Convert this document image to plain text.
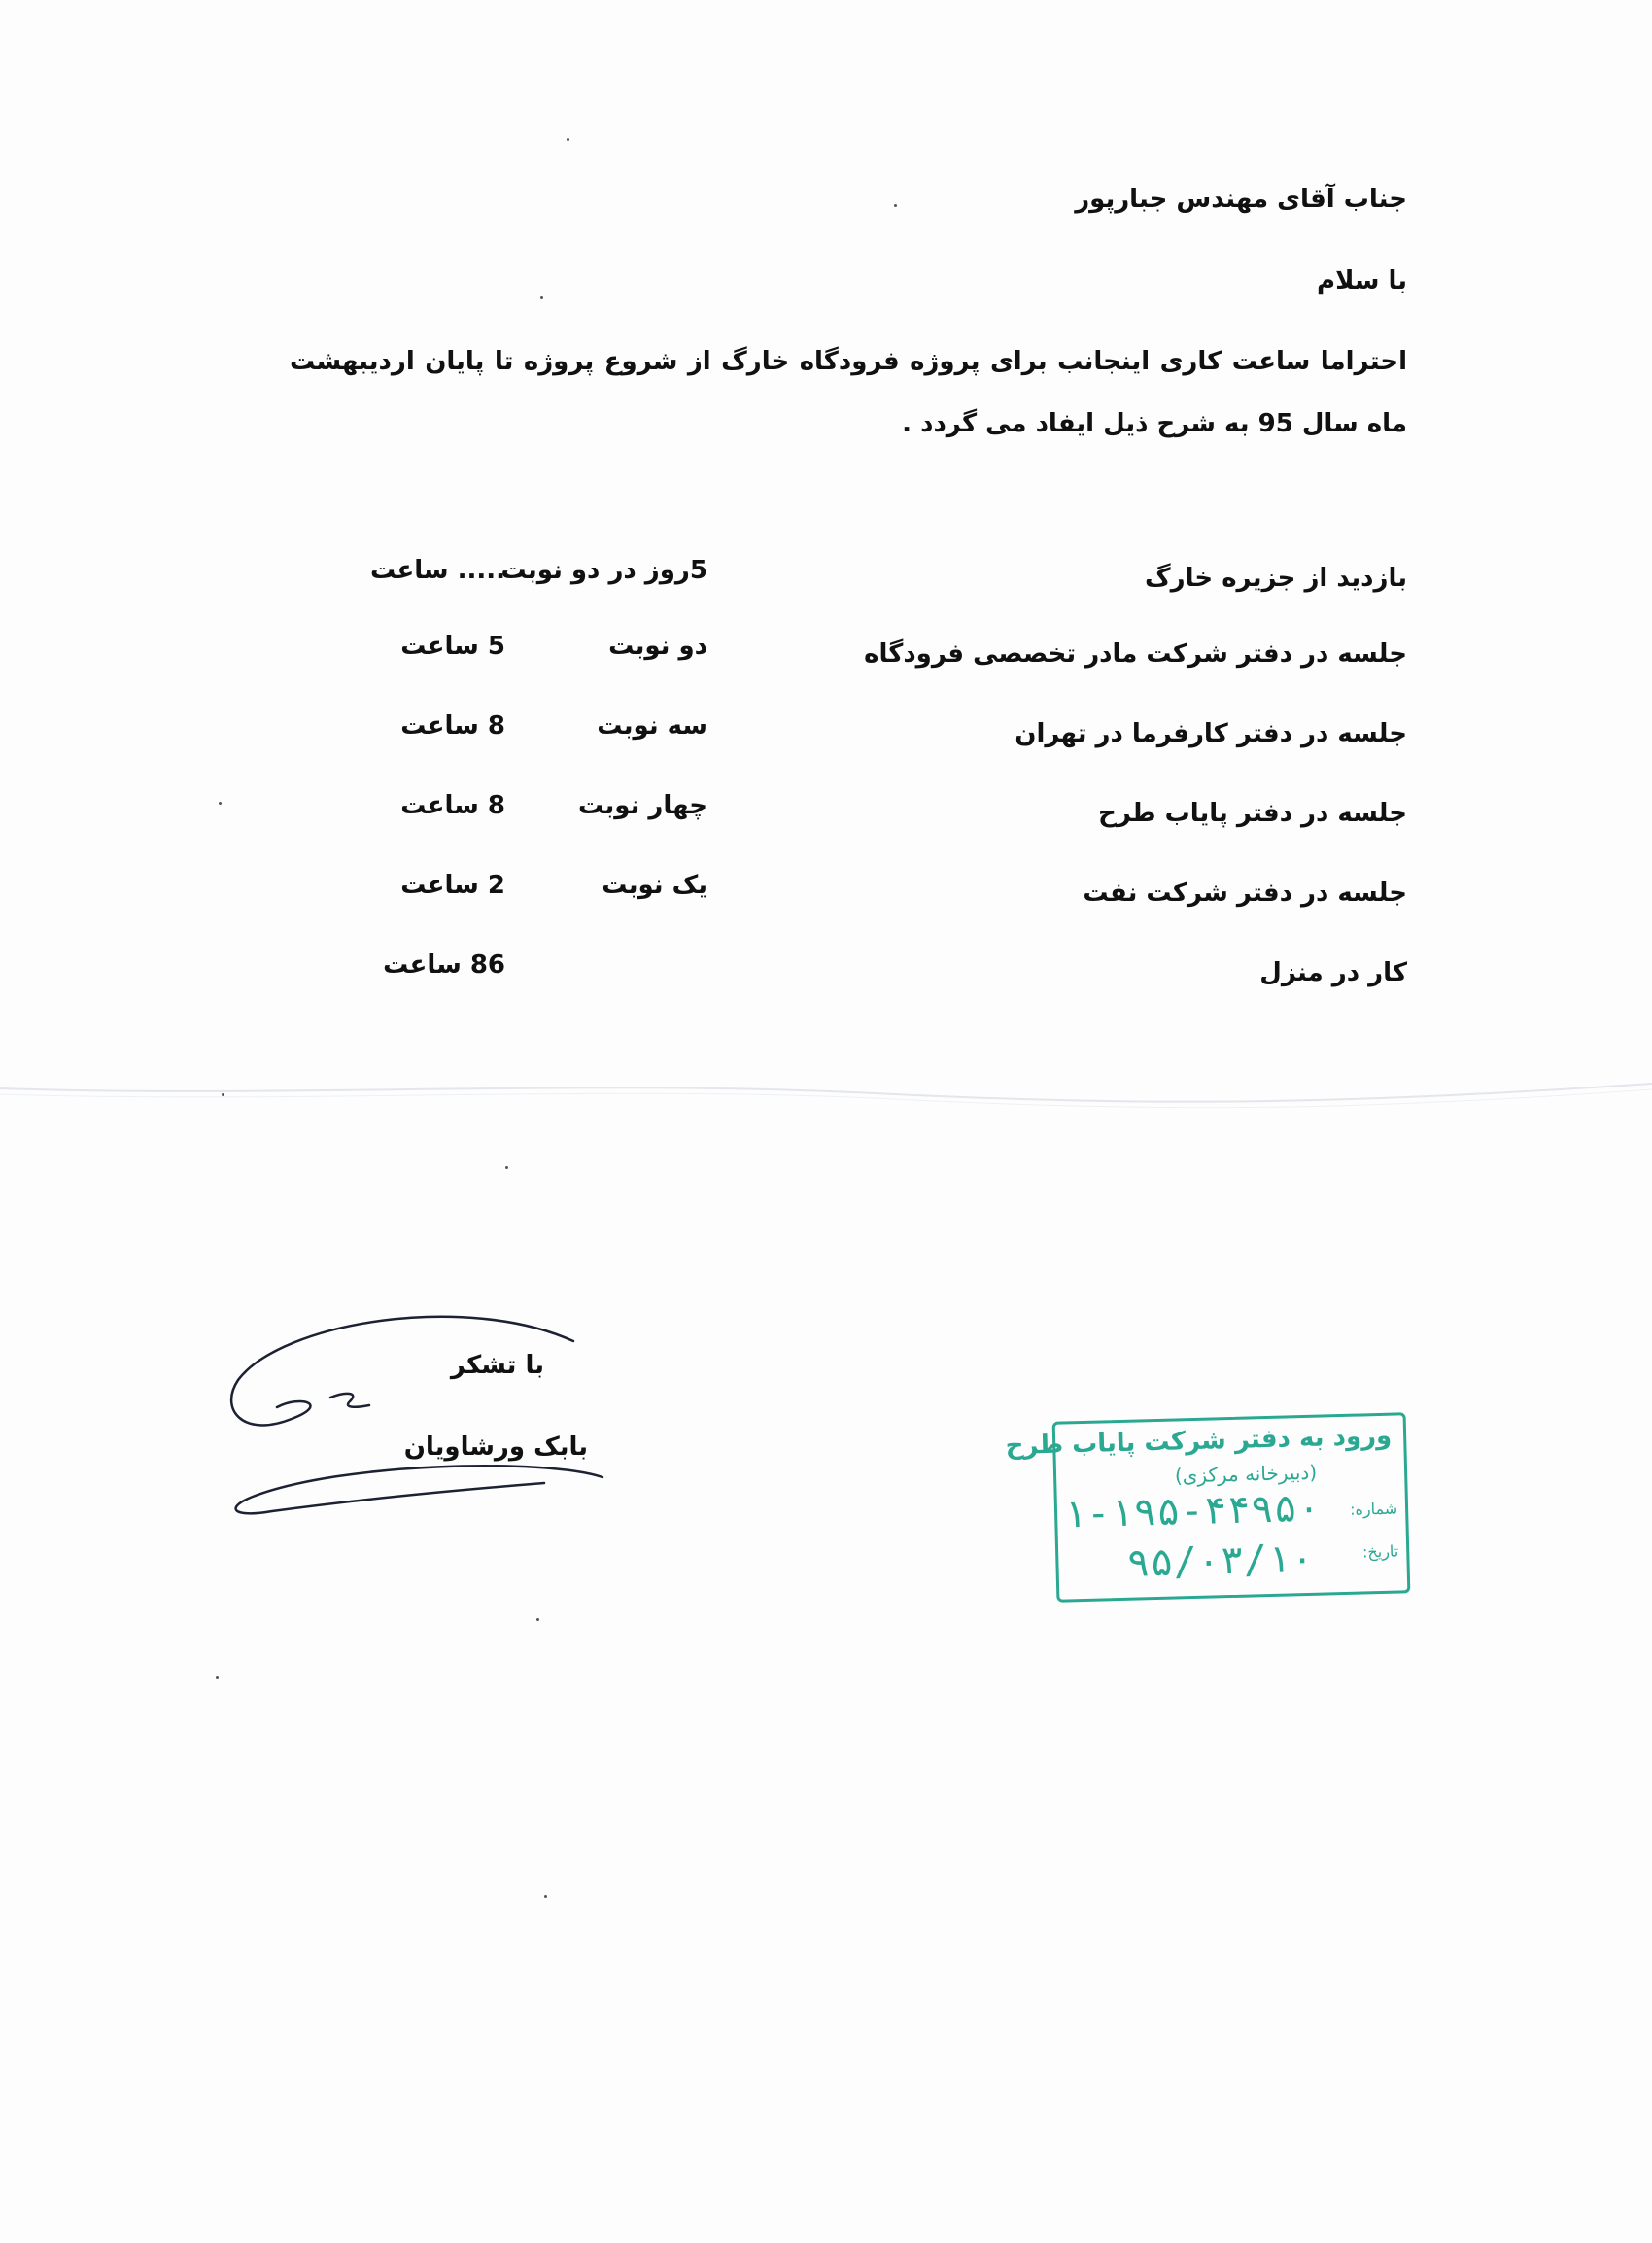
جناب آقای مهندس جبارپور
با سلام
احتراما ساعت کاری اینجانب برای پروژه فرودگاه خارگ از شروع پروژه تا پایان اردیبهشت ماه سال 95 به شرح ذیل ایفاد می گردد .
بازدید از جزیره خارگ
5روز در دو نوبت
..... ساعت
جلسه در دفتر شرکت مادر تخصصی فرودگاه
دو نوبت
5 ساعت
جلسه در دفتر کارفرما در تهران
سه نوبت
8 ساعت
جلسه در دفتر پایاب طرح
چهار نوبت
8 ساعت
جلسه در دفتر شرکت نفت
یک نوبت
2 ساعت
کار در منزل
86 ساعت
با تشکر
بابک ورشاویان	ورود به دفتر شرکت پایاب طرح
(دبیرخانه مرکزی)
شماره:
۱-۱۹۵-۴۴۹۵۰
تاریخ:
۹۵/۰۳/۱۰
